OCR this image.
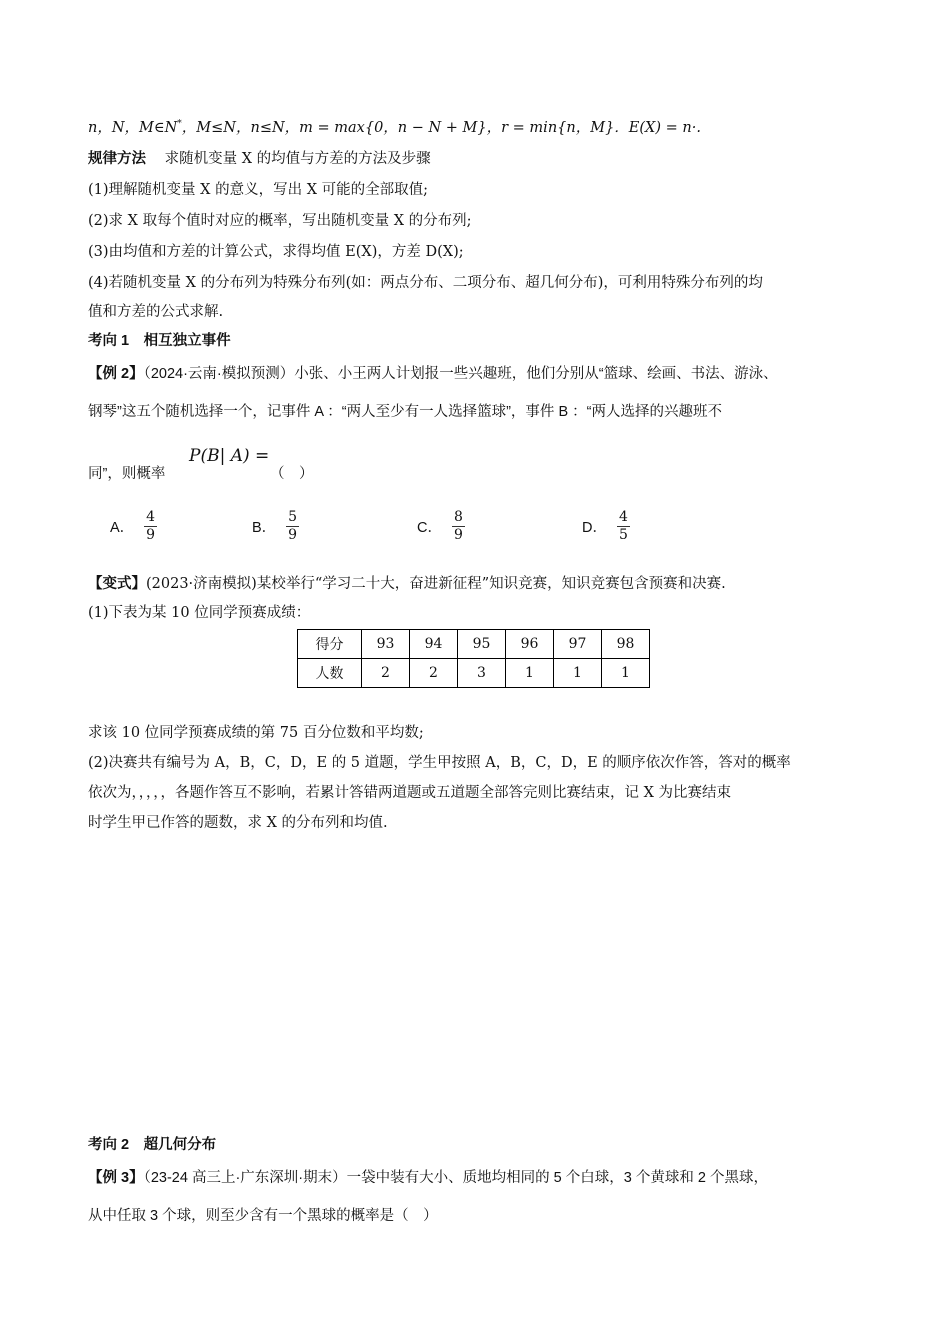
n，N，M∈N*，M≤N，n≤N，m = max{0，n − N + M}，r = min{n，M}．E(X) = n·.
规律方法 求随机变量 X 的均值与方差的方法及步骤
(1)理解随机变量 X 的意义，写出 X 可能的全部取值;
(2)求 X 取每个值时对应的概率，写出随机变量 X 的分布列;
(3)由均值和方差的计算公式，求得均值 E(X)，方差 D(X);
(4)若随机变量 X 的分布列为特殊分布列(如：两点分布、二项分布、超几何分布)，可利用特殊分布列的均
值和方差的公式求解.
考向 1　相互独立事件
【例 2】（2024·云南·模拟预测）小张、小王两人计划报一些兴趣班，他们分别从“篮球、绘画、书法、游泳、
钢琴”这五个随机选择一个，记事件 A ：“两人至少有一人选择篮球”，事件 B ：“两人选择的兴趣班不
同”，则概率
P(B| A) =
（　）
A． $\frac{4}{9}$	B． $\frac{5}{9}$	C． $\frac{8}{9}$	D． $\frac{4}{5}$
【变式】(2023·济南模拟)某校举行“学习二十大，奋进新征程”知识竞赛，知识竞赛包含预赛和决赛.
(1)下表为某 10 位同学预赛成绩：
得分	93	94	95	96	97	98
人数	2	2	3	1	1	1
求该 10 位同学预赛成绩的第 75 百分位数和平均数;
(2)决赛共有编号为 A，B，C，D，E 的 5 道题，学生甲按照 A，B，C，D，E 的顺序依次作答，答对的概率
依次为，，，，，各题作答互不影响，若累计答错两道题或五道题全部答完则比赛结束，记 X 为比赛结束
时学生甲已作答的题数，求 X 的分布列和均值.
考向 2　超几何分布
【例 3】（23-24 高三上·广东深圳·期末）一袋中装有大小、质地均相同的 5 个白球，3 个黄球和 2 个黑球，
从中任取 3 个球，则至少含有一个黑球的概率是（　）
